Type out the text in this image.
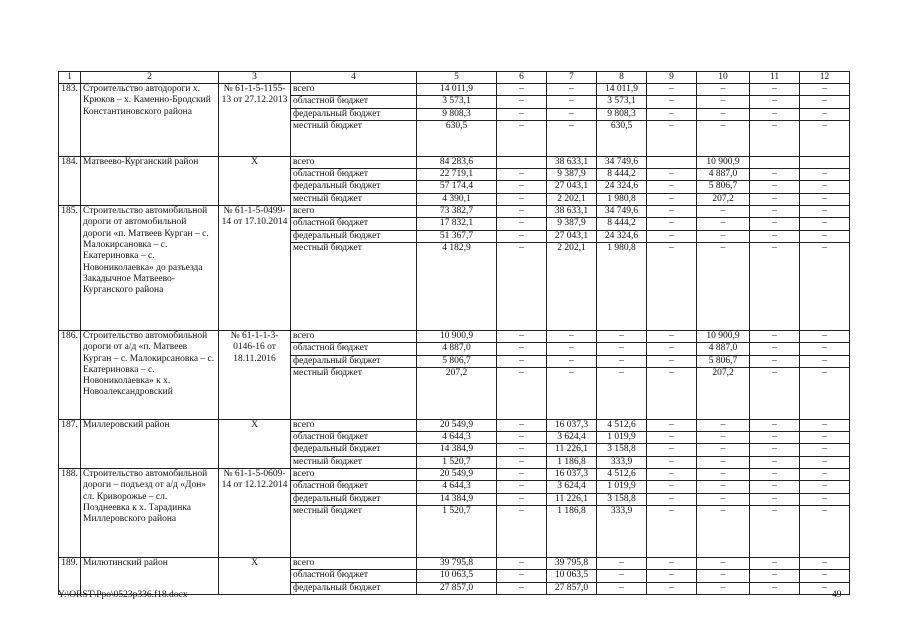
1	2	3	4	5	6	7	8	9	10	11	12
183.	Строительство автодороги х. Крюков – х. Каменно-Бродский Константиновского района	№ 61-1-5-1155-13 от 27.12.2013	всего	14 011,9	–	–	14 011,9	–	–	–	–
			областной бюджет	3 573,1	–	–	3 573,1	–	–	–	–
			федеральный бюджет	9 808,3	–	–	9 808,3	–	–	–	–
			местный бюджет	630,5	–	–	630,5	–	–	–	–
184.	Матвеево-Курганский район	Х	всего	84 283,6		38 633,1	34 749,6		10 900,9		
			областной бюджет	22 719,1	–	9 387,9	8 444,2	–	4 887,0	–	–
			федеральный бюджет	57 174,4	–	27 043,1	24 324,6	–	5 806,7	–	–
			местный бюджет	4 390,1	–	2 202,1	1 980,8	–	207,2	–	–
185.	Строительство автомобильной дороги от автомобильной дороги «п. Матвеев Курган – с. Малокирсановка – с. Екатериновка – с. Новониколаевка» до разъезда Закадычное Матвеево-Курганского района	№ 61-1-5-0499-14 от 17.10.2014	всего	73 382,7	–	38 633,1	34 749,6	–	–	–	–
			областной бюджет	17 832,1	–	9 387,9	8 444,2	–	–	–	–
			федеральный бюджет	51 367,7	–	27 043,1	24 324,6	–	–	–	–
			местный бюджет	4 182,9	–	2 202,1	1 980,8	–	–	–	–
186.	Строительство автомобильной дороги от а/д «п. Матвеев Курган – с. Малокирсановка – с. Екатериновка – с. Новониколаевка» к х. Новоалександровский	№ 61-1-1-3-0146-16 от 18.11.2016	всего	10 900,9	–	–	–	–	10 900,9	–	–
			областной бюджет	4 887,0	–	–	–	–	4 887,0	–	–
			федеральный бюджет	5 806,7	–	–	–	–	5 806,7	–	–
			местный бюджет	207,2	–	–	–	–	207,2	–	–
187.	Миллеровский район	Х	всего	20 549,9	–	16 037,3	4 512,6	–	–	–	–
			областной бюджет	4 644,3	–	3 624,4	1 019,9	–	–	–	–
			федеральный бюджет	14 384,9	–	11 226,1	3 158,8	–	–	–	–
			местный бюджет	1 520,7	–	1 186,8	333,9	–	–	–	–
188.	Строительство автомобильной дороги – подъезд от а/д «Дон» сл. Криворожье – сл. Позднеевка к х. Тарадинка Миллеровского района	№ 61-1-5-0609-14 от 12.12.2014	всего	20 549,9	–	16 037,3	4 512,6	–	–	–	–
			областной бюджет	4 644,3	–	3 624,4	1 019,9	–	–	–	–
			федеральный бюджет	14 384,9	–	11 226,1	3 158,8	–	–	–	–
			местный бюджет	1 520,7	–	1 186,8	333,9	–	–	–	–
189.	Милютинский район	Х	всего	39 795,8	–	39 795,8	–	–	–	–	–
			областной бюджет	10 063,5	–	10 063,5	–	–	–	–	–
			федеральный бюджет	27 857,0	–	27 857,0	–	–	–	–	–
Y:\ORST\Ppo\0523p336.f18.docx	49
